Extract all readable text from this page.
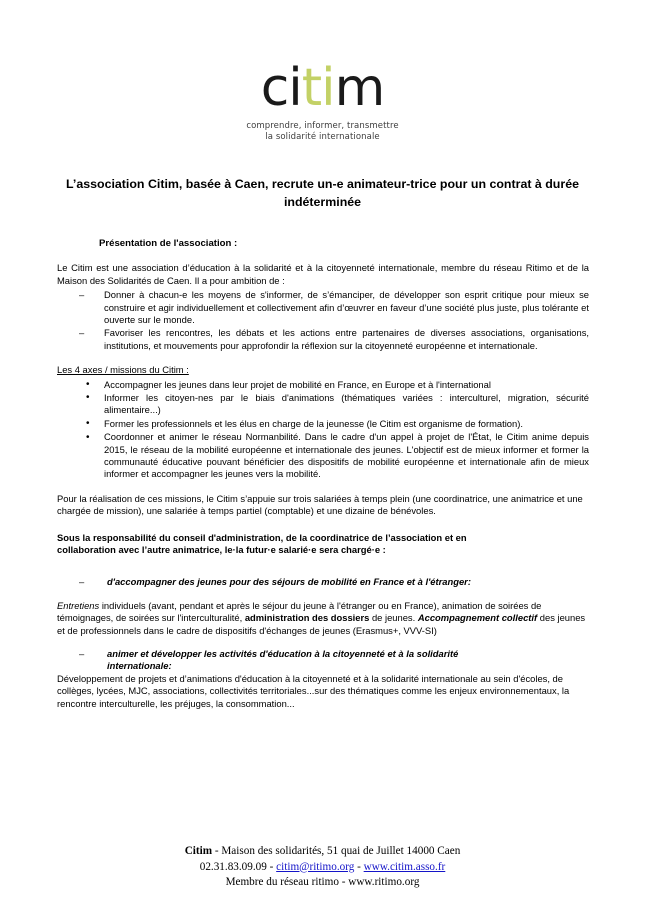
citim
comprendre, informer, transmettre
la solidarité internationale
L’association Citim, basée à Caen, recrute un-e animateur-trice pour un contrat à durée indéterminée
Présentation de l'association :

Le Citim est une association d’éducation à la solidarité et à la citoyenneté internationale, membre du réseau Ritimo et de la Maison des Solidarités de Caen. Il a pour ambition de :

– Donner à chacun-e les moyens de s'informer, de s’émanciper, de développer son esprit critique pour mieux se construire et agir individuellement et collectivement afin d’œuvrer en faveur d’une société plus juste, plus tolérante et ouverte sur le monde.
– Favoriser les rencontres, les débats et les actions entre partenaires de diverses associations, organisations, institutions, et mouvements pour approfondir la réflexion sur la citoyenneté européenne et internationale.

Les 4 axes / missions du Citim :

• Accompagner les jeunes dans leur projet de mobilité en France, en Europe et à l'international
• Informer les citoyen-nes par le biais d'animations (thématiques variées : interculturel, migration, sécurité alimentaire...)
• Former les professionnels et les élus en charge de la jeunesse (le Citim est organisme de formation).
• Coordonner et animer le réseau Normanbilité. Dans le cadre d'un appel à projet de l'État, le Citim anime depuis 2015, le réseau de la mobilité européenne et internationale des jeunes. L'objectif est de mieux informer et former la communauté éducative pouvant bénéficier des dispositifs de mobilité européenne et internationale afin de mieux informer et accompagner les jeunes vers la mobilité.

Pour la réalisation de ces missions, le Citim s’appuie sur trois salariées à temps plein (une coordinatrice, une animatrice et une chargée de mission), une salariée à temps partiel (comptable) et une dizaine de bénévoles.

Sous la responsabilité du conseil d'administration, de la coordinatrice de l’association et en
collaboration avec l’autre animatrice, le·la futur·e salarié·e sera chargé·e :
– d'accompagner des jeunes pour des séjours de mobilité en France et à l'étranger:

Entretiens individuels (avant, pendant et après le séjour du jeune à l'étranger ou en France), animation de soirées de témoignages, de soirées sur l'interculturalité, administration des dossiers de jeunes. Accompagnement collectif des jeunes et de professionnels dans le cadre de dispositifs d'échanges de jeunes (Erasmus+, VVV-SI)

– animer et développer les activités d'éducation à la citoyenneté et à la solidarité
internationale:

Développement de projets et d’animations d'éducation à la citoyenneté et à la solidarité internationale au sein d'écoles, de collèges, lycées, MJC, associations, collectivités territoriales...sur des thématiques comme les enjeux environnementaux, la rencontre interculturelle, les préjuges, la consommation...

Citim - Maison des solidarités, 51 quai de Juillet 14000 Caen
02.31.83.09.09 - citim@ritimo.org - www.citim.asso.fr
Membre du réseau ritimo - www.ritimo.org
